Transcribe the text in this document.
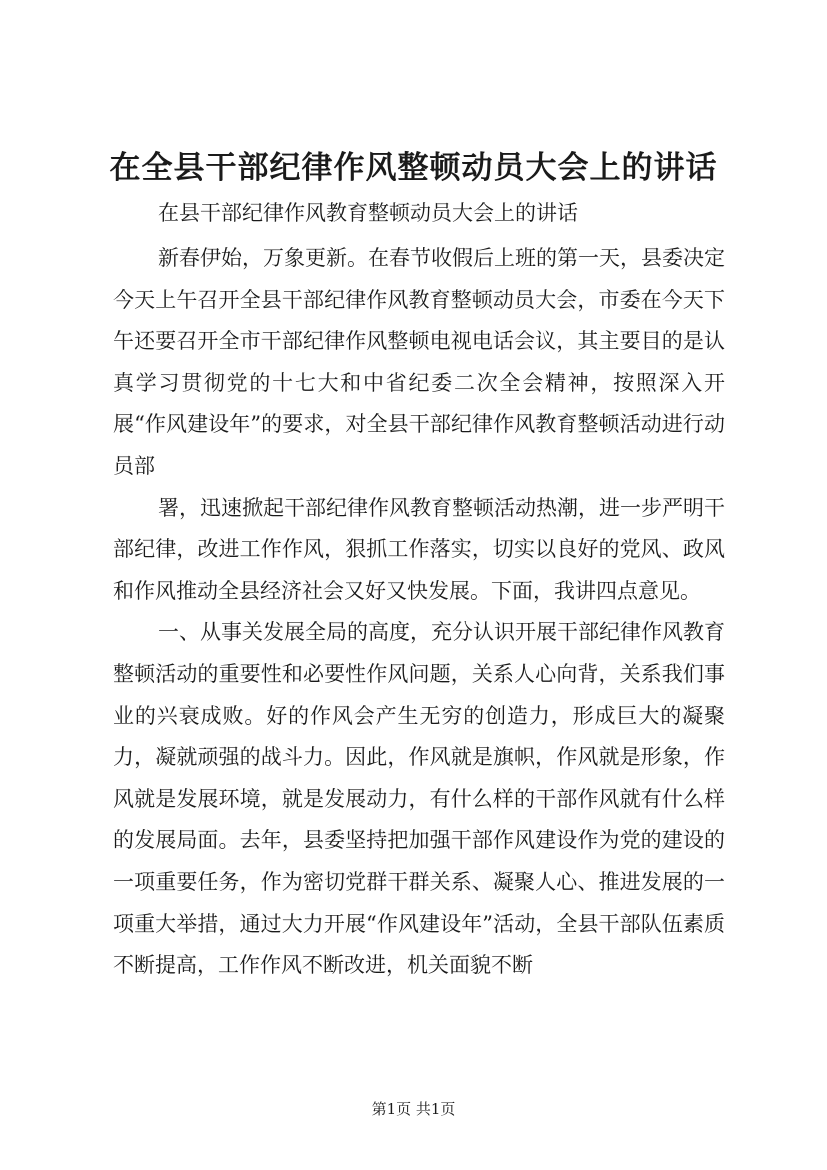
在全县干部纪律作风整顿动员大会上的讲话

在县干部纪律作风教育整顿动员大会上的讲话

新春伊始，万象更新。在春节收假后上班的第一天，县委决定今天上午召开全县干部纪律作风教育整顿动员大会，市委在今天下午还要召开全市干部纪律作风整顿电视电话会议，其主要目的是认真学习贯彻党的十七大和中省纪委二次全会精神，按照深入开展“作风建设年”的要求，对全县干部纪律作风教育整顿活动进行动员部

署，迅速掀起干部纪律作风教育整顿活动热潮，进一步严明干部纪律，改进工作作风，狠抓工作落实，切实以良好的党风、政风和作风推动全县经济社会又好又快发展。下面，我讲四点意见。

一、从事关发展全局的高度，充分认识开展干部纪律作风教育整顿活动的重要性和必要性作风问题，关系人心向背，关系我们事业的兴衰成败。好的作风会产生无穷的创造力，形成巨大的凝聚力，凝就顽强的战斗力。因此，作风就是旗帜，作风就是形象，作风就是发展环境，就是发展动力，有什么样的干部作风就有什么样的发展局面。去年，县委坚持把加强干部作风建设作为党的建设的一项重要任务，作为密切党群干群关系、凝聚人心、推进发展的一项重大举措，通过大力开展“作风建设年”活动，全县干部队伍素质不断提高，工作作风不断改进，机关面貌不断

第1页 共1页
